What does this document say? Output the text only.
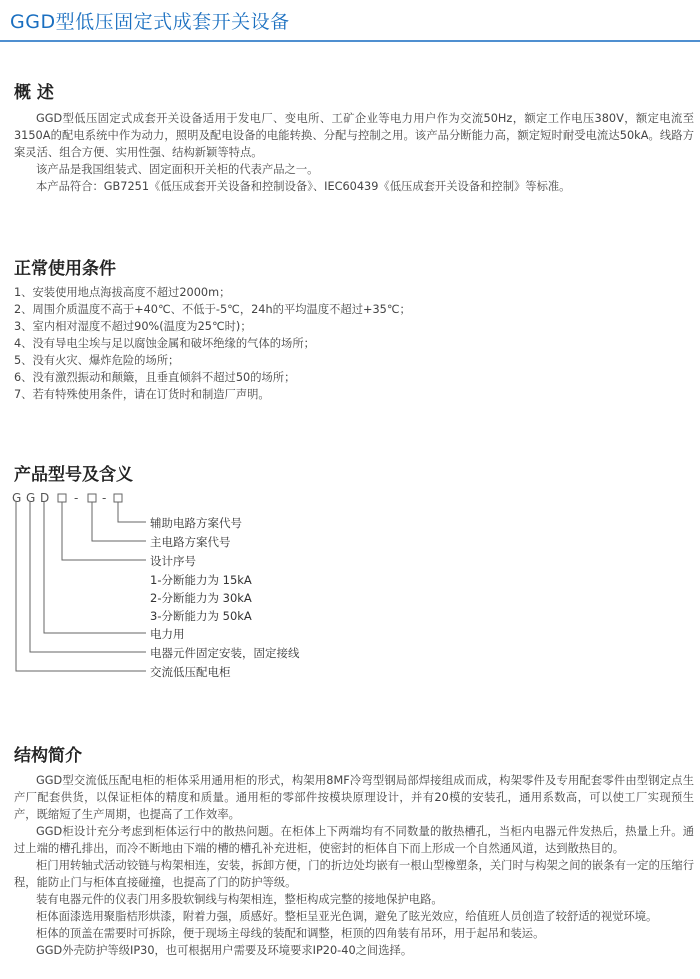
GGD型低压固定式成套开关设备
概 述

GGD型低压固定式成套开关设备适用于发电厂、变电所、工矿企业等电力用户作为交流50Hz，额定工作电压380V，额定电流至3150A的配电系统中作为动力，照明及配电设备的电能转换、分配与控制之用。该产品分断能力高，额定短时耐受电流达50kA。线路方案灵活、组合方便、实用性强、结构新颖等特点。

该产品是我国组装式、固定面积开关柜的代表产品之一。

本产品符合：GB7251《低压成套开关设备和控制设备》、IEC60439《低压成套开关设备和控制》等标准。

正常使用条件
1、安装使用地点海拔高度不超过2000m；
2、周围介质温度不高于+40℃、不低于-5℃，24h的平均温度不超过+35℃；
3、室内相对湿度不超过90%(温度为25℃时)；
4、没有导电尘埃与足以腐蚀金属和破坏绝缘的气体的场所；
5、没有火灾、爆炸危险的场所；
6、没有激烈振动和颠簸，且垂直倾斜不超过50的场所；
7、若有特殊使用条件，请在订货时和制造厂声明。
产品型号及含义
G G D - -
辅助电路方案代号
主电路方案代号
设计序号
1-分断能力为 15kA
2-分断能力为 30kA
3-分断能力为 50kA
电力用
电器元件固定安装，固定接线
交流低压配电柜
结构简介

GGD型交流低压配电柜的柜体采用通用柜的形式，构架用8MF冷弯型钢局部焊接组成而成，构架零件及专用配套零件由型钢定点生产厂配套供货，以保证柜体的精度和质量。通用柜的零部件按模块原理设计，并有20模的安装孔，通用系数高，可以使工厂实现预生产，既缩短了生产周期，也提高了工作效率。

GGD柜设计充分考虑到柜体运行中的散热问题。在柜体上下两端均有不同数量的散热槽孔，当柜内电器元件发热后，热量上升。通过上端的槽孔排出，而冷不断地由下端的槽的槽孔补充进柜，使密封的柜体自下而上形成一个自然通风道，达到散热目的。

柜门用转轴式活动铰链与构架相连，安装，拆卸方便，门的折边处均嵌有一根山型橡塑条，关门时与构架之间的嵌条有一定的压缩行程，能防止门与柜体直接碰撞，也提高了门的防护等级。

装有电器元件的仪表门用多股软铜线与构架相连，整柜构成完整的接地保护电路。

柜体面漆选用聚脂桔形烘漆，附着力强，质感好。整柜呈亚光色调，避免了眩光效应，给值班人员创造了较舒适的视觉环境。

柜体的顶盖在需要时可拆除，便于现场主母线的装配和调整，柜顶的四角装有吊环，用于起吊和装运。

GGD外壳防护等级IP30，也可根据用户需要及环境要求IP20-40之间选择。
